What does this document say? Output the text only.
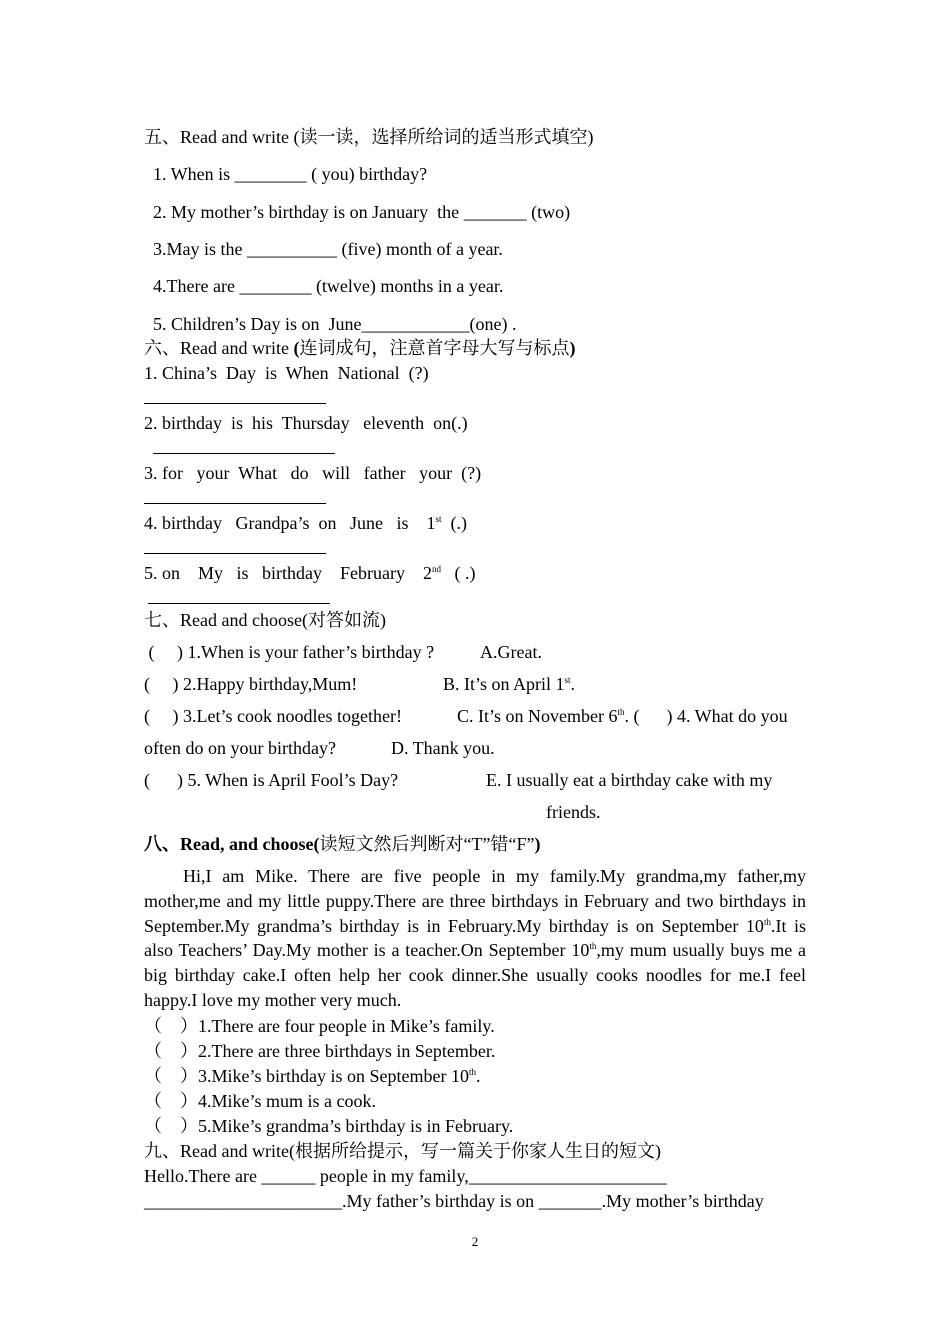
五、Read and write (读一读，选择所给词的适当形式填空)
1. When is ________ ( you) birthday?
2. My mother’s birthday is on January  the _______ (two)
3.May is the __________ (five) month of a year.
4.There are ________ (twelve) months in a year.
5. Children’s Day is on  June____________(one) .
六、Read and write (连词成句，注意首字母大写与标点)
1. China’s  Day  is  When  National  (?)
2. birthday  is  his  Thursday   eleventh  on(.)
3. for   your  What   do   will   father   your  (?)
4. birthday   Grandpa’s  on   June   is    1st  (.)
5. on    My   is   birthday    February    2nd   ( .)
七、Read and choose(对答如流)
(     ) 1.When is your father’s birthday ?	A.Great.
(     ) 2.Happy birthday,Mum!	B. It’s on April 1st.
(     ) 3.Let’s cook noodles together!	C. It’s on November 6th. (      ) 4. What do you
often do on your birthday?	D. Thank you.
(      ) 5. When is April Fool’s Day?	E. I usually eat a birthday cake with my
friends.
八、Read, and choose(读短文然后判断对“T”错“F”)
Hi,I am Mike. There are five people in my family.My grandma,my father,my mother,me and my little puppy.There are three birthdays in February and two birthdays in September.My grandma’s birthday is in February.My birthday is on September 10th.It is also Teachers’ Day.My mother is a teacher.On September 10th,my mum usually buys me a big birthday cake.I often help her cook dinner.She usually cooks noodles for me.I feel happy.I love my mother very much.
（    ）1.There are four people in Mike’s family.
（    ）2.There are three birthdays in September.
（    ）3.Mike’s birthday is on September 10th.
（    ）4.Mike’s mum is a cook.
（    ）5.Mike’s grandma’s birthday is in February.
九、Read and write(根据所给提示，写一篇关于你家人生日的短文)
Hello.There are ______ people in my family,______________________
______________________.My father’s birthday is on _______.My mother’s birthday
2
